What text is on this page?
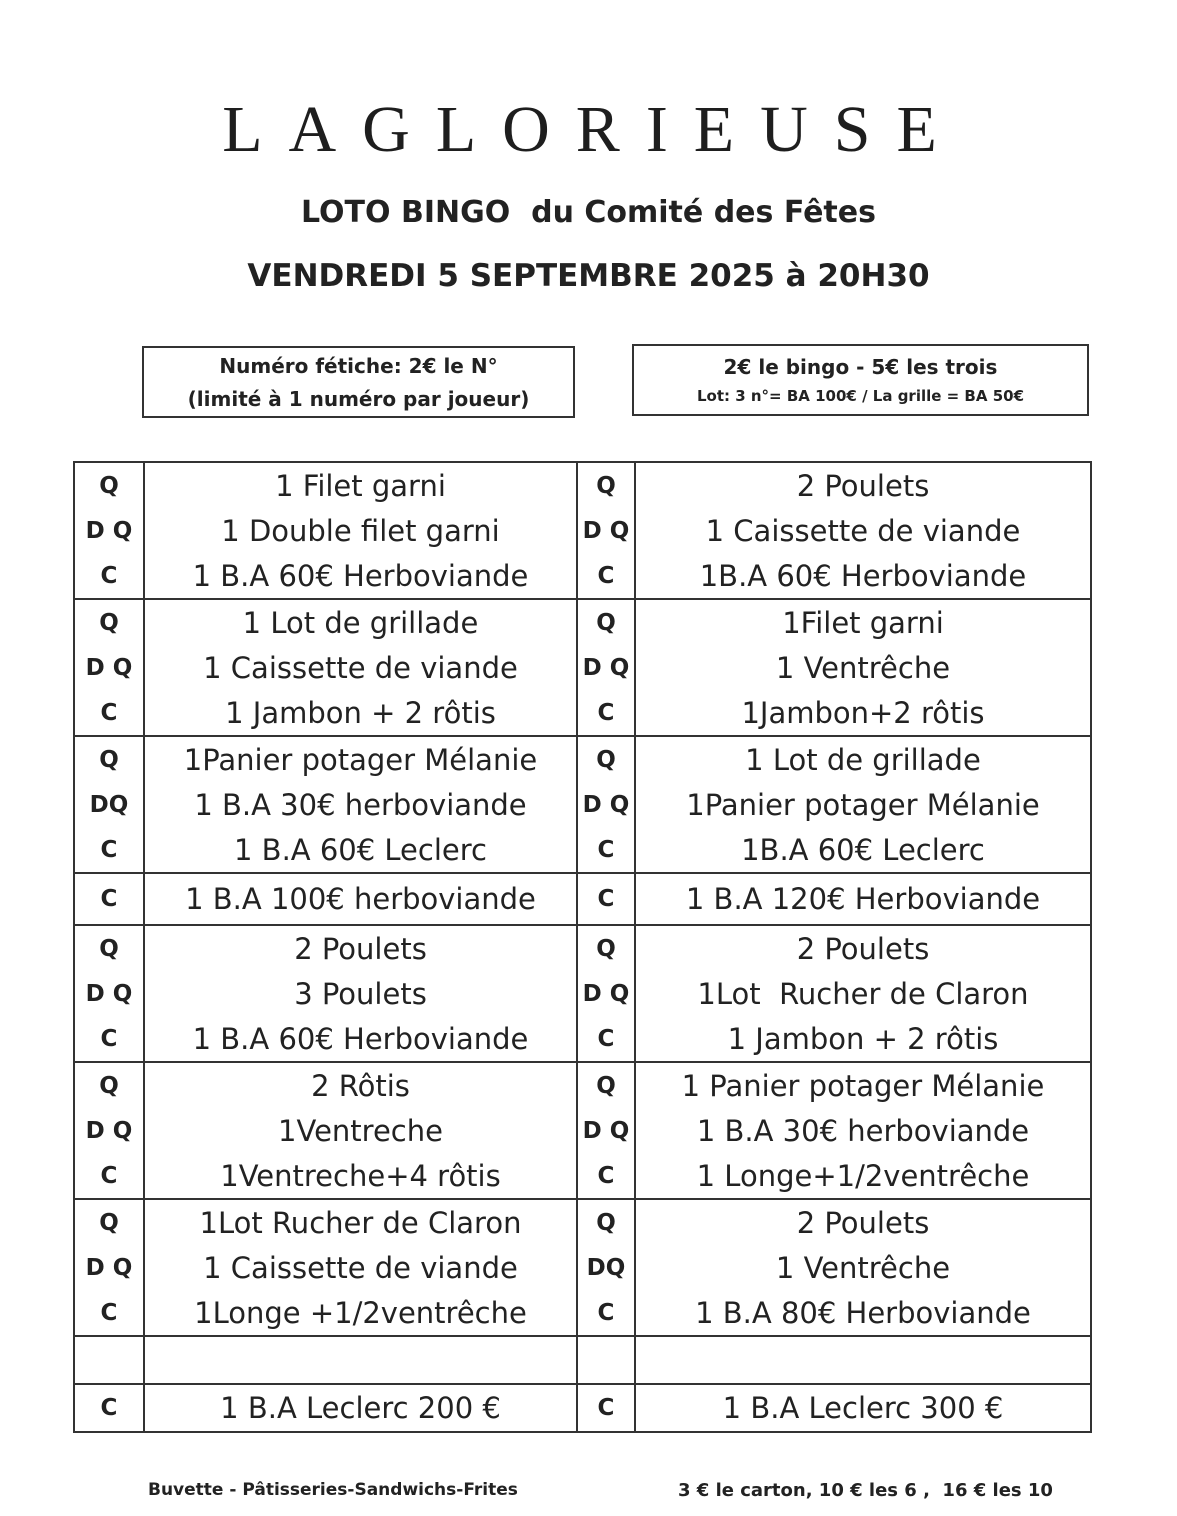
LAGLORIEUSE
LOTO BINGO  du Comité des Fêtes
VENDREDI 5 SEPTEMBRE 2025 à 20H30
Numéro fétiche: 2€ le N°
(limité à 1 numéro par joueur)
2€ le bingo - 5€ les trois
Lot: 3 n°= BA 100€ / La grille = BA 50€
Q	1 Filet garni	Q	2 Poulets
D Q	1 Double filet garni	D Q	1 Caissette de viande
C	1 B.A 60€ Herboviande	C	1B.A 60€ Herboviande
Q	1 Lot de grillade	Q	1Filet garni
D Q	1 Caissette de viande	D Q	1 Ventrêche
C	1 Jambon + 2 rôtis	C	1Jambon+2 rôtis
Q	1Panier potager Mélanie	Q	1 Lot de grillade
DQ	1 B.A 30€ herboviande	D Q	1Panier potager Mélanie
C	1 B.A 60€ Leclerc	C	1B.A 60€ Leclerc
C	1 B.A 100€ herboviande	C	1 B.A 120€ Herboviande
Q	2 Poulets	Q	2 Poulets
D Q	3 Poulets	D Q	1Lot  Rucher de Claron
C	1 B.A 60€ Herboviande	C	1 Jambon + 2 rôtis
Q	2 Rôtis	Q	1 Panier potager Mélanie
D Q	1Ventreche	D Q	1 B.A 30€ herboviande
C	1Ventreche+4 rôtis	C	1 Longe+1/2ventrêche
Q	1Lot Rucher de Claron	Q	2 Poulets
D Q	1 Caissette de viande	DQ	1 Ventrêche
C	1Longe +1/2ventrêche	C	1 B.A 80€ Herboviande

C	1 B.A Leclerc 200 €	C	1 B.A Leclerc 300 €
Buvette - Pâtisseries-Sandwichs-Frites	3 € le carton, 10 € les 6 ,  16 € les 10
